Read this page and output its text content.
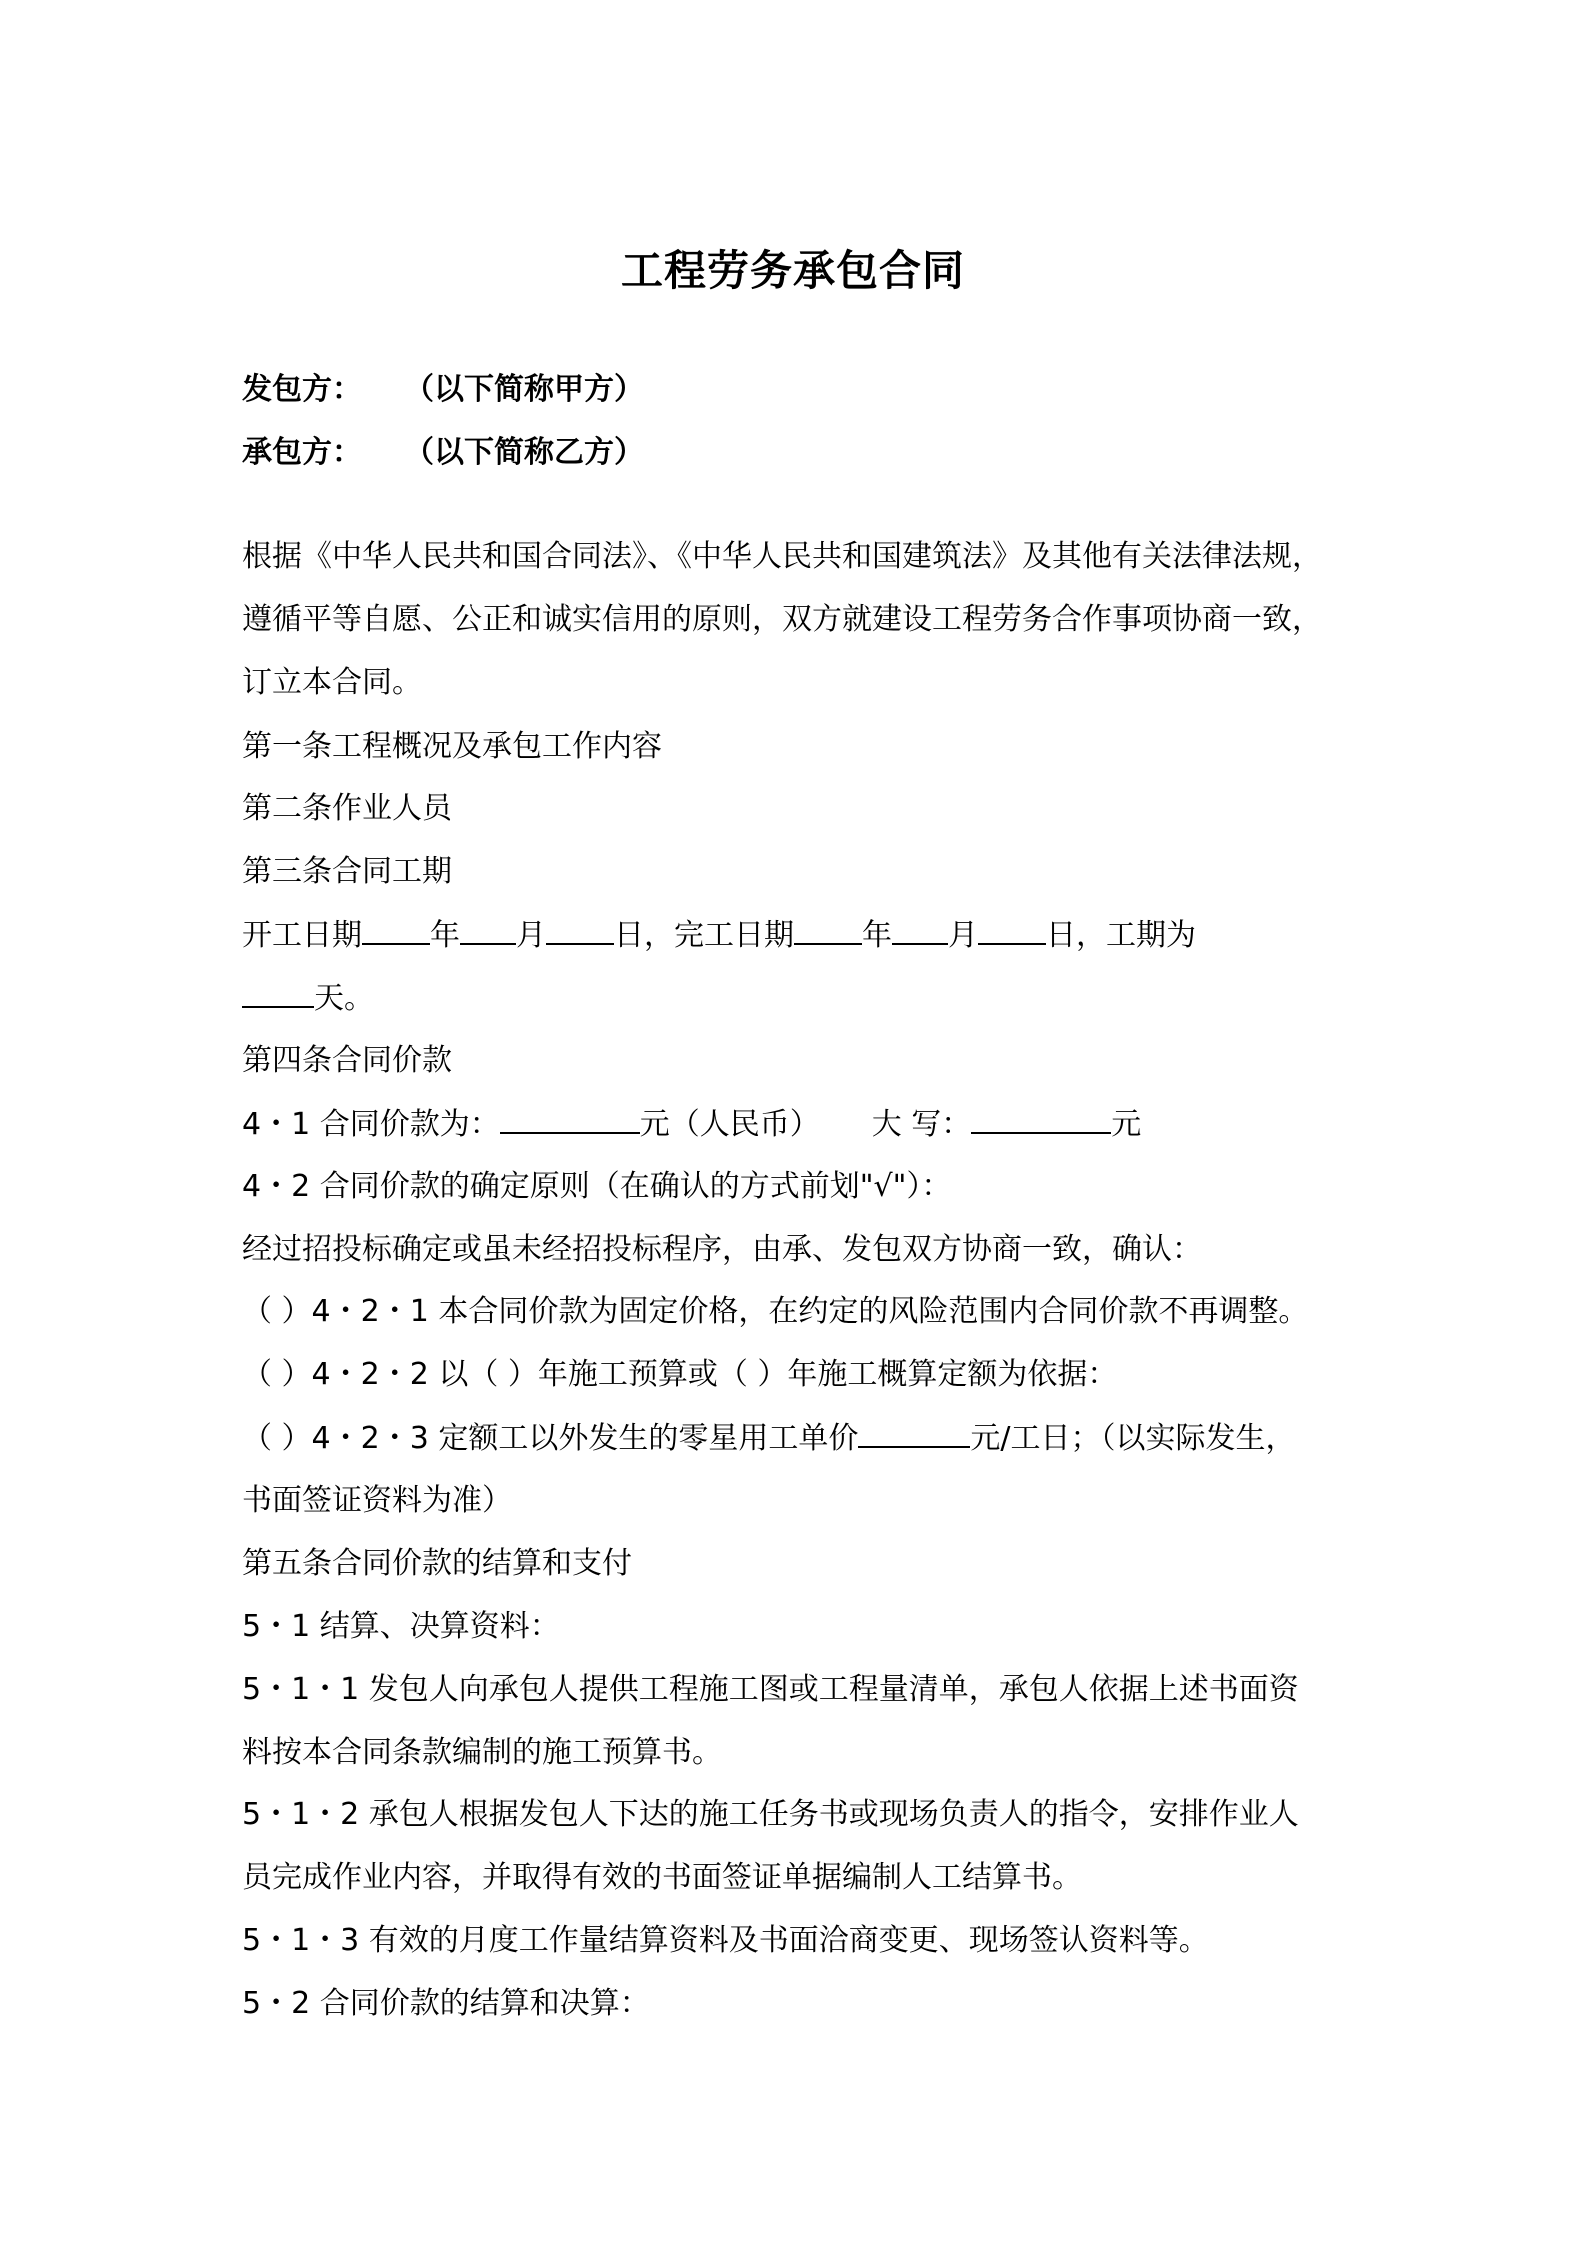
工程劳务承包合同
发包方： （以下简称甲方）
承包方： （以下简称乙方）
根据《中华人民共和国合同法》、《中华人民共和国建筑法》及其他有关法律法规，
遵循平等自愿、公正和诚实信用的原则，双方就建设工程劳务合作事项协商一致，
订立本合同。
第一条工程概况及承包工作内容
第二条作业人员
第三条合同工期
开工日期 年 月 日，完工日期 年 月 日，工期为
天。
第四条合同价款
4・1 合同价款为：	元（人民币） 大 写：	元
4・2 合同价款的确定原则（在确认的方式前划"√"）：
经过招投标确定或虽未经招投标程序，由承、发包双方协商一致，确认：
（ ）4・2・1 本合同价款为固定价格，在约定的风险范围内合同价款不再调整。
（ ）4・2・2 以（ ）年施工预算或（ ）年施工概算定额为依据：
（ ）4・2・3 定额工以外发生的零星用工单价	元/工日；（以实际发生，
书面签证资料为准）
第五条合同价款的结算和支付
5・1 结算、决算资料：
5・1・1 发包人向承包人提供工程施工图或工程量清单，承包人依据上述书面资
料按本合同条款编制的施工预算书。
5・1・2 承包人根据发包人下达的施工任务书或现场负责人的指令，安排作业人
员完成作业内容，并取得有效的书面签证单据编制人工结算书。
5・1・3 有效的月度工作量结算资料及书面洽商变更、现场签认资料等。
5・2 合同价款的结算和决算：
